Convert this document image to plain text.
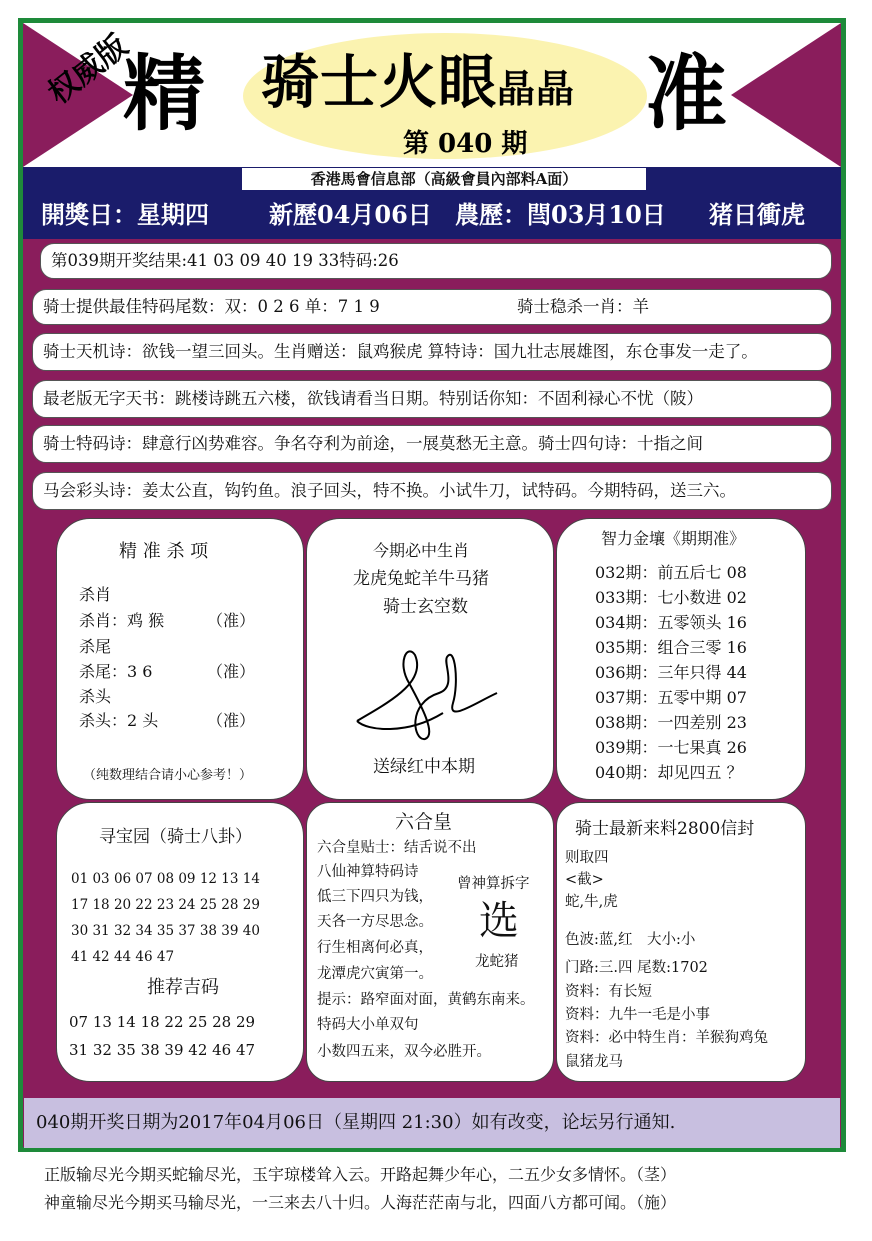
权威版
精	准
骑士火眼晶晶
第 040 期
香港馬會信息部（高級會員內部料A面）
開獎日：星期四	新歷04月06日 農歷：閆03月10日 猪日衝虎
第039期开奖结果:41 03 09 40 19 33特码:26
骑士提供最佳特码尾数：双：0 2 6 单：7 1 9	骑士稳杀一肖：羊
骑士天机诗：欲钱一望三回头。生肖赠送：鼠鸡猴虎 算特诗：国九壮志展雄图，东仓事发一走了。
最老版无字天书：跳楼诗跳五六楼，欲钱请看当日期。特别话你知：不固利禄心不忧（陂）
骑士特码诗：肆意行凶势难容。争名夺利为前途，一展莫愁无主意。骑士四句诗：十指之间
马会彩头诗：姜太公直，钩钓鱼。浪子回头，特不换。小试牛刀，试特码。今期特码，送三六。
精 准 杀 项
杀肖
杀肖：鸡 猴	（准）
杀尾
杀尾：3 6	（准）
杀头
杀头：2 头	（准）
（纯数理结合请小心参考！）
今期必中生肖
龙虎兔蛇羊牛马猪
骑士玄空数
送绿红中本期
智力金壤《期期准》
032期：前五后七 08
033期：七小数进 02
034期：五零领头 16
035期：组合三零 16
036期：三年只得 44
037期：五零中期 07
038期：一四差别 23
039期：一七果真 26
040期：却见四五 ？
寻宝园（骑士八卦）
01 03 06 07 08 09 12 13 14
17 18 20 22 23 24 25 28 29
30 31 32 34 35 37 38 39 40
41 42 44 46 47
推荐吉码
07 13 14 18 22 25 28 29
31 32 35 38 39 42 46 47
六合皇
六合皇贴士：结舌说不出
八仙神算特码诗
低三下四只为钱，
天各一方尽思念。
行生相离何必真，
龙潭虎穴寅第一。
提示：路窄面对面，黄鹤东南来。
特码大小单双句
小数四五来，双今必胜开。
曾神算拆字
选
龙蛇猪
骑士最新来料2800信封
则取四
<截>
蛇,牛,虎
色波:蓝,红　大小:小
门路:三.四 尾数:1702
资料：有长短
资料：九牛一毛是小事
资料：必中特生肖：羊猴狗鸡兔
鼠猪龙马
040期开奖日期为2017年04月06日（星期四 21:30）如有改变，论坛另行通知.
正版输尽光今期买蛇输尽光，玉宇琼楼耸入云。开路起舞少年心，二五少女多情怀。（茎）
神童输尽光今期买马输尽光，一三来去八十归。人海茫茫南与北，四面八方都可闻。（施）
